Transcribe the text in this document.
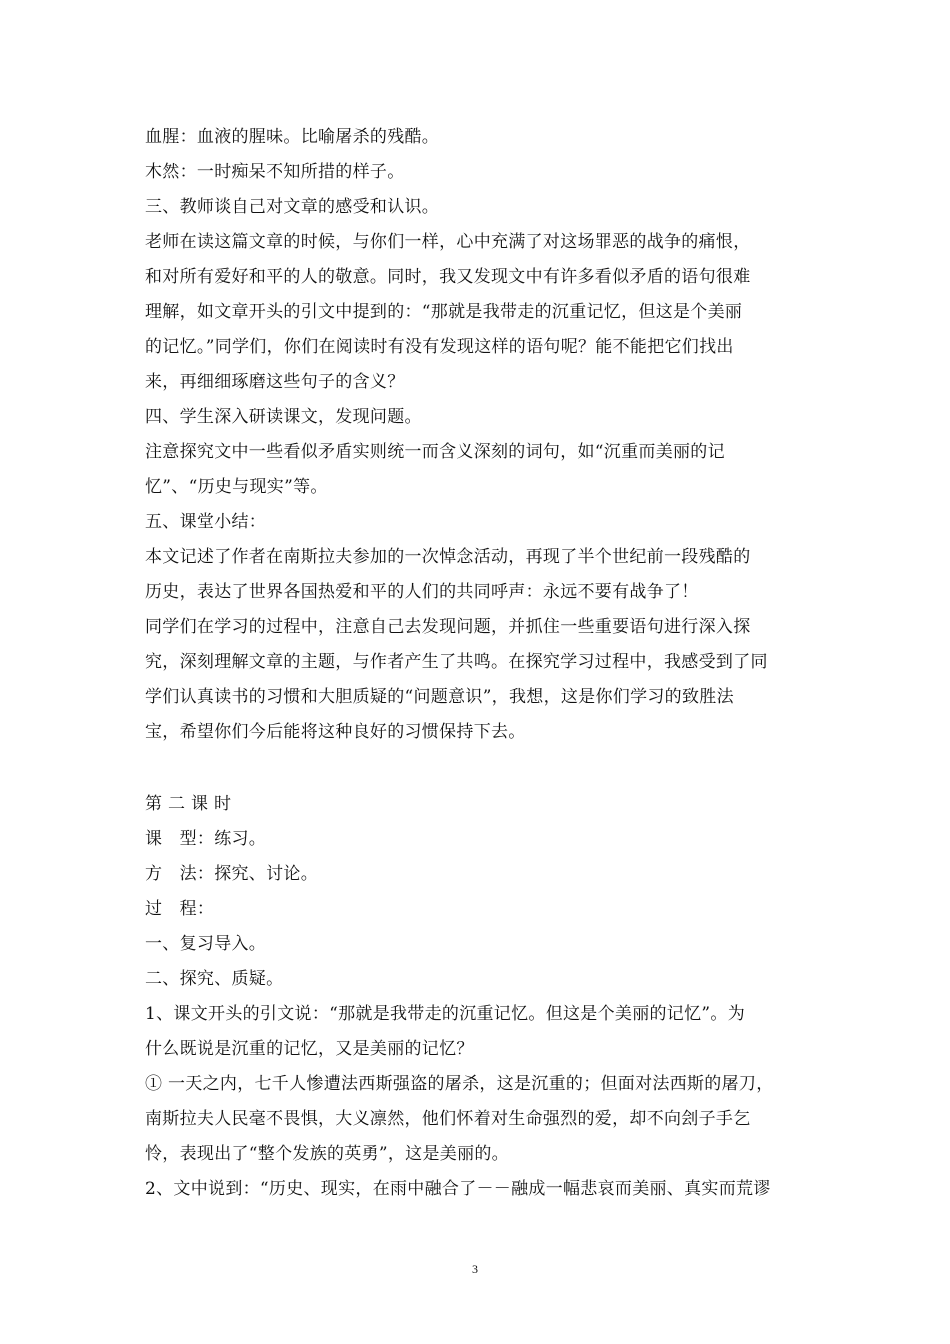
血腥：血液的腥味。比喻屠杀的残酷。
木然：一时痴呆不知所措的样子。
三、教师谈自己对文章的感受和认识。
老师在读这篇文章的时候，与你们一样，心中充满了对这场罪恶的战争的痛恨，
和对所有爱好和平的人的敬意。同时，我又发现文中有许多看似矛盾的语句很难
理解，如文章开头的引文中提到的：“那就是我带走的沉重记忆，但这是个美丽
的记忆。”同学们，你们在阅读时有没有发现这样的语句呢？能不能把它们找出
来，再细细琢磨这些句子的含义？
四、学生深入研读课文，发现问题。
注意探究文中一些看似矛盾实则统一而含义深刻的词句，如“沉重而美丽的记
忆”、“历史与现实”等。
五、课堂小结：
本文记述了作者在南斯拉夫参加的一次悼念活动，再现了半个世纪前一段残酷的
历史，表达了世界各国热爱和平的人们的共同呼声：永远不要有战争了！
同学们在学习的过程中，注意自己去发现问题，并抓住一些重要语句进行深入探
究，深刻理解文章的主题，与作者产生了共鸣。在探究学习过程中，我感受到了同
学们认真读书的习惯和大胆质疑的“问题意识”，我想，这是你们学习的致胜法
宝，希望你们今后能将这种良好的习惯保持下去。
第 二 课 时
课　型：练习。
方　法：探究、讨论。
过　程：
一、复习导入。
二、探究、质疑。
1、课文开头的引文说：“那就是我带走的沉重记忆。但这是个美丽的记忆”。为
什么既说是沉重的记忆，又是美丽的记忆？
① 一天之内，七千人惨遭法西斯强盗的屠杀，这是沉重的；但面对法西斯的屠刀，
南斯拉夫人民毫不畏惧，大义凛然，他们怀着对生命强烈的爱，却不向刽子手乞
怜，表现出了“整个发族的英勇”，这是美丽的。
2、文中说到：“历史、现实，在雨中融合了－－融成一幅悲哀而美丽、真实而荒谬
3
